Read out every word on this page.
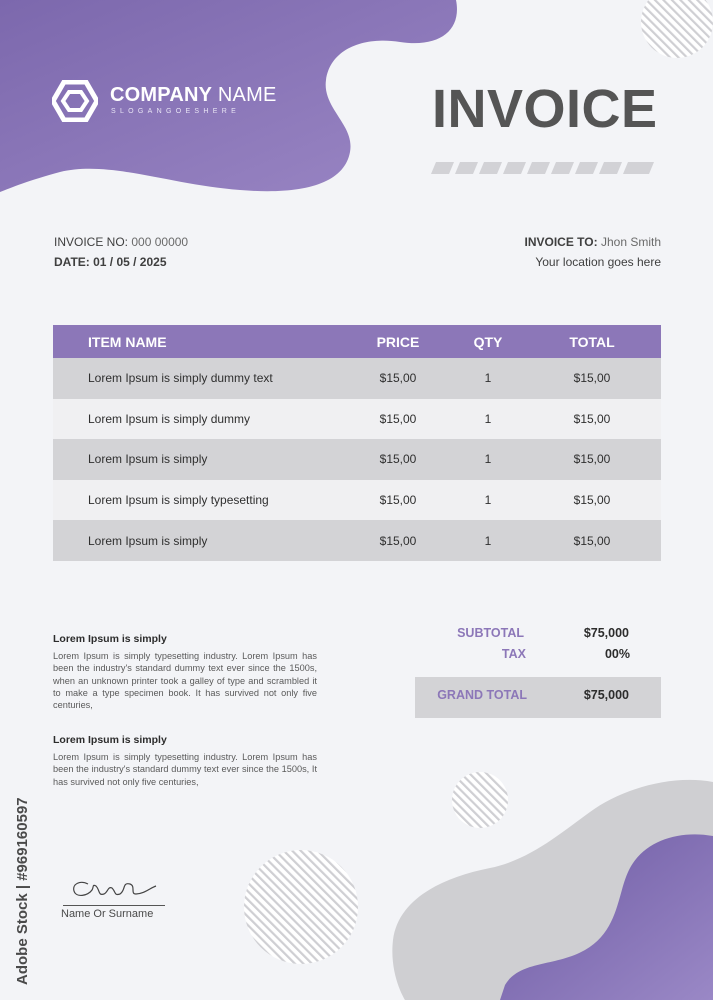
COMPANY NAME
SLOGANGOESHERE	INVOICE
INVOICE NO: 000 00000
DATE: 01 / 05 / 2025
INVOICE TO: Jhon Smith
Your location goes here
ITEM NAME	PRICE	QTY	TOTAL
Lorem Ipsum is simply dummy text	$15,00	1	$15,00
Lorem Ipsum is simply dummy	$15,00	1	$15,00
Lorem Ipsum is simply	$15,00	1	$15,00
Lorem Ipsum is simply typesetting	$15,00	1	$15,00
Lorem Ipsum is simply	$15,00	1	$15,00
Lorem Ipsum is simply
Lorem Ipsum is simply typesetting industry. Lorem Ipsum has been the industry's standard dummy text ever since the 1500s, when an unknown printer took a galley of type and scrambled it to make a type specimen book. It has survived not only five centuries,
Lorem Ipsum is simply
Lorem Ipsum is simply typesetting industry. Lorem Ipsum has been the industry's standard dummy text ever since the 1500s, It has survived not only five centuries,
SUBTOTAL	$75,000
TAX	00%
GRAND TOTAL	$75,000
Name Or Surname
Adobe Stock | #969160597
